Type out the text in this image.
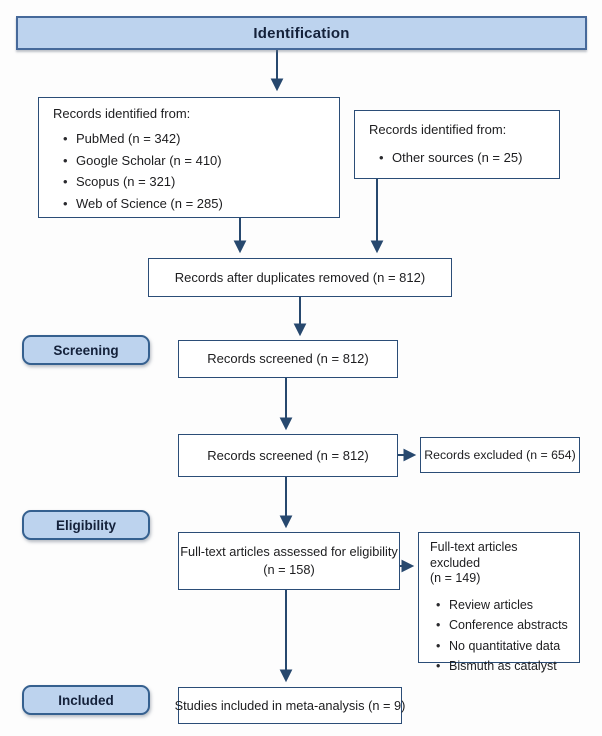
Identification
Records identified from:
• PubMed (n = 342)
• Google Scholar (n = 410)
• Scopus (n = 321)
• Web of Science (n = 285)
Records identified from:
• Other sources (n = 25)
Records after duplicates removed (n = 812)
Screening
Records screened (n = 812)
Records screened (n = 812)	Records excluded (n = 654)
Eligibility
Full-text articles assessed for eligibility
(n = 158)
Full-text articles excluded
(n = 149)
• Review articles
• Conference abstracts
• No quantitative data
• Bismuth as catalyst
Included	Studies included in meta-analysis (n = 9)
